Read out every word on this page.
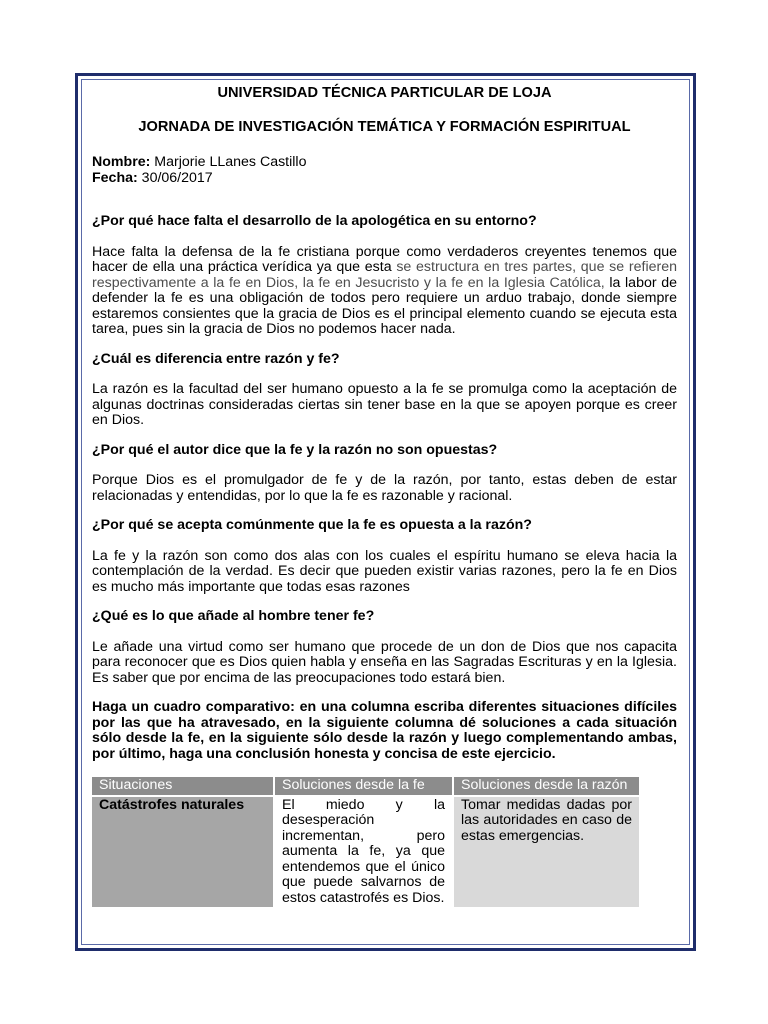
UNIVERSIDAD TÉCNICA PARTICULAR DE LOJA
JORNADA DE INVESTIGACIÓN TEMÁTICA Y FORMACIÓN ESPIRITUAL
Nombre: Marjorie LLanes Castillo
Fecha: 30/06/2017
¿Por qué hace falta el desarrollo de la apologética en su entorno?

Hace falta la defensa de la fe cristiana porque como verdaderos creyentes tenemos que hacer de ella una práctica verídica ya que esta se estructura en tres partes, que se refieren respectivamente a la fe en Dios, la fe en Jesucristo y la fe en la Iglesia Católica, la labor de defender la fe es una obligación de todos pero requiere un arduo trabajo, donde siempre estaremos consientes que la gracia de Dios es el principal elemento cuando se ejecuta esta tarea, pues sin la gracia de Dios no podemos hacer nada.

¿Cuál es diferencia entre razón y fe?

La razón es la facultad del ser humano opuesto a la fe se promulga como la aceptación de algunas doctrinas consideradas ciertas sin tener base en la que se apoyen porque es creer en Dios.

¿Por qué el autor dice que la fe y la razón no son opuestas?

Porque Dios es el promulgador de fe y de la razón, por tanto, estas deben de estar relacionadas y entendidas, por lo que la fe es razonable y racional.

¿Por qué se acepta comúnmente que la fe es opuesta a la razón?

La fe y la razón son como dos alas con los cuales el espíritu humano se eleva hacia la contemplación de la verdad. Es decir que pueden existir varias razones, pero la fe en Dios es mucho más importante que todas esas razones

¿Qué es lo que añade al hombre tener fe?

Le añade una virtud como ser humano que procede de un don de Dios que nos capacita para reconocer que es Dios quien habla y enseña en las Sagradas Escrituras y en la Iglesia. Es saber que por encima de las preocupaciones todo estará bien.

Haga un cuadro comparativo: en una columna escriba diferentes situaciones difíciles por las que ha atravesado, en la siguiente columna dé soluciones a cada situación sólo desde la fe, en la siguiente sólo desde la razón y luego complementando ambas, por último, haga una conclusión honesta y concisa de este ejercicio.

Situaciones	Soluciones desde la fe	Soluciones desde la razón
Catástrofes naturales	El miedo y la desesperación incrementan, pero aumenta la fe, ya que entendemos que el único que puede salvarnos de estos catastrofés es Dios.	Tomar medidas dadas por las autoridades en caso de estas emergencias.
